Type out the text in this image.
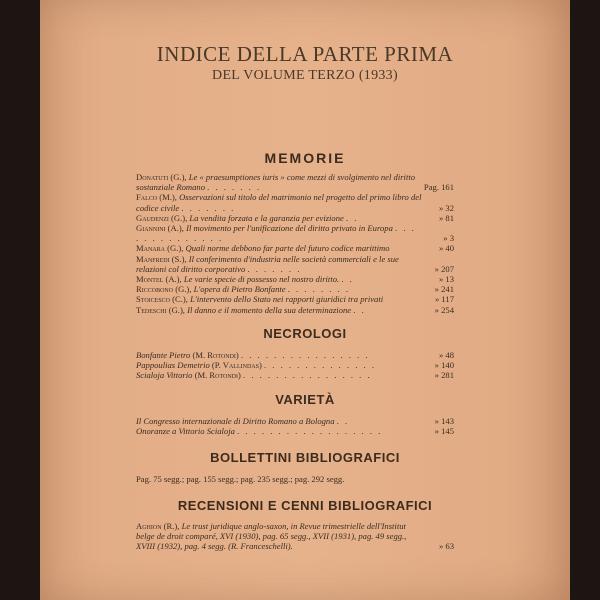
INDICE DELLA PARTE PRIMA
DEL VOLUME TERZO (1933)
MEMORIE
Donatuti (G.), Le « praesumptiones iuris » come mezzi di svolgimento nel diritto sostanziale Romano . . . . . . .	Pag. 161
Falco (M.), Osservazioni sul titolo del matrimonio nel progetto del primo libro del codice civile . . . . . . .	» 32
Gaudenzi (G.), La vendita forzata e la garanzia per evizione . .	» 81
Giannini (A.), Il movimento per l'unificazione del diritto privato in Europa . . . . . . . . . . . . . .	» 3
Manara (G.), Quali norme debbono far parte del futuro codice marittimo	» 40
Manfredi (S.), Il conferimento d'industria nelle società commerciali e le sue relazioni col diritto corporativo . . . . . . .	» 207
Montel (A.), Le varie specie di possesso nel nostro diritto. . .	» 13
Riccobono (G.), L'opera di Pietro Bonfante . . . . . . . .	» 241
Stoicesco (C.), L'intervento dello Stato nei rapporti giuridici tra privati	» 117
Tedeschi (G.), Il danno e il momento della sua determinazione . .	» 254
NECROLOGI
Bonfante Pietro (M. Rotondi) . . . . . . . . . . . . . . . .	» 48
Pappoulias Demetrio (P. Vallindas) . . . . . . . . . . . . . .	» 140
Scialoja Vittorio (M. Rotondi) . . . . . . . . . . . . . . . .	» 281
VARIETÀ
Il Congresso internazionale di Diritto Romano a Bologna . .	» 143
Onoranze a Vittorio Scialoja . . . . . . . . . . . . . . . . . .	» 145
BOLLETTINI BIBLIOGRAFICI
Pag. 75 segg.; pag. 155 segg.; pag. 235 segg.; pag. 292 segg.
RECENSIONI E CENNI BIBLIOGRAFICI
Aghion (R.), Le trust juridique anglo-saxon, in Revue trimestrielle dell'Institut belge de droit comparé, XVI (1930), pag. 65 segg., XVII (1931), pag. 49 segg., XVIII (1932), pag. 4 segg. (R. Franceschelli).	» 63
